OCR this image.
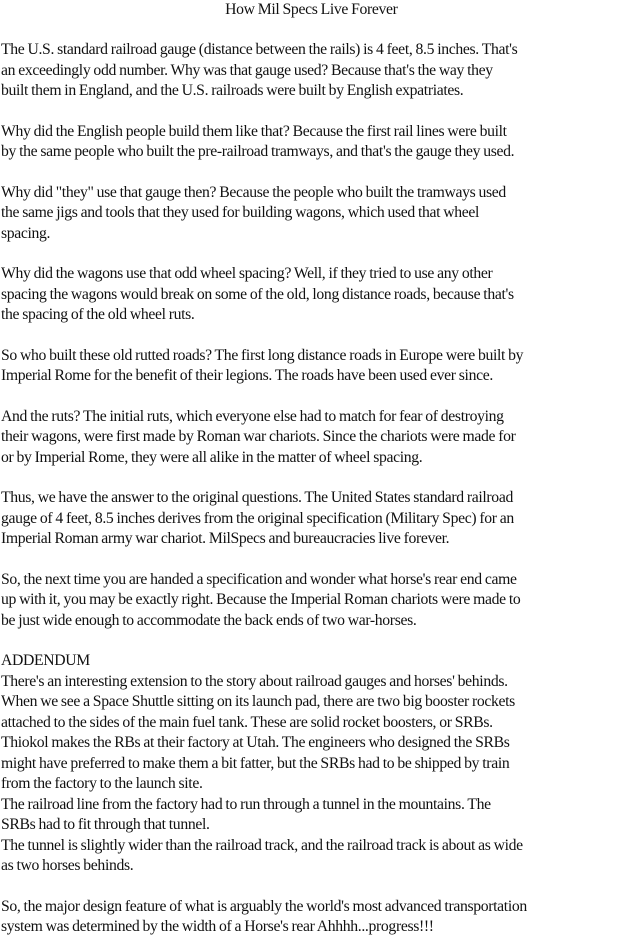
How Mil Specs Live Forever
The U.S. standard railroad gauge (distance between the rails) is 4 feet, 8.5 inches. That's
an exceedingly odd number. Why was that gauge used? Because that's the way they
built them in England, and the U.S. railroads were built by English expatriates.
Why did the English people build them like that? Because the first rail lines were built
by the same people who built the pre-railroad tramways, and that's the gauge they used.
Why did "they" use that gauge then? Because the people who built the tramways used
the same jigs and tools that they used for building wagons, which used that wheel
spacing.
Why did the wagons use that odd wheel spacing? Well, if they tried to use any other
spacing the wagons would break on some of the old, long distance roads, because that's
the spacing of the old wheel ruts.
So who built these old rutted roads? The first long distance roads in Europe were built by
Imperial Rome for the benefit of their legions. The roads have been used ever since.
And the ruts? The initial ruts, which everyone else had to match for fear of destroying
their wagons, were first made by Roman war chariots. Since the chariots were made for
or by Imperial Rome, they were all alike in the matter of wheel spacing.
Thus, we have the answer to the original questions. The United States standard railroad
gauge of 4 feet, 8.5 inches derives from the original specification (Military Spec) for an
Imperial Roman army war chariot. MilSpecs and bureaucracies live forever.
So, the next time you are handed a specification and wonder what horse's rear end came
up with it, you may be exactly right. Because the Imperial Roman chariots were made to
be just wide enough to accommodate the back ends of two war-horses.
ADDENDUM
There's an interesting extension to the story about railroad gauges and horses' behinds.
When we see a Space Shuttle sitting on its launch pad, there are two big booster rockets
attached to the sides of the main fuel tank. These are solid rocket boosters, or SRBs.
Thiokol makes the RBs at their factory at Utah. The engineers who designed the SRBs
might have preferred to make them a bit fatter, but the SRBs had to be shipped by train
from the factory to the launch site.
The railroad line from the factory had to run through a tunnel in the mountains. The
SRBs had to fit through that tunnel.
The tunnel is slightly wider than the railroad track, and the railroad track is about as wide
as two horses behinds.
So, the major design feature of what is arguably the world's most advanced transportation
system was determined by the width of a Horse's rear Ahhhh...progress!!!
